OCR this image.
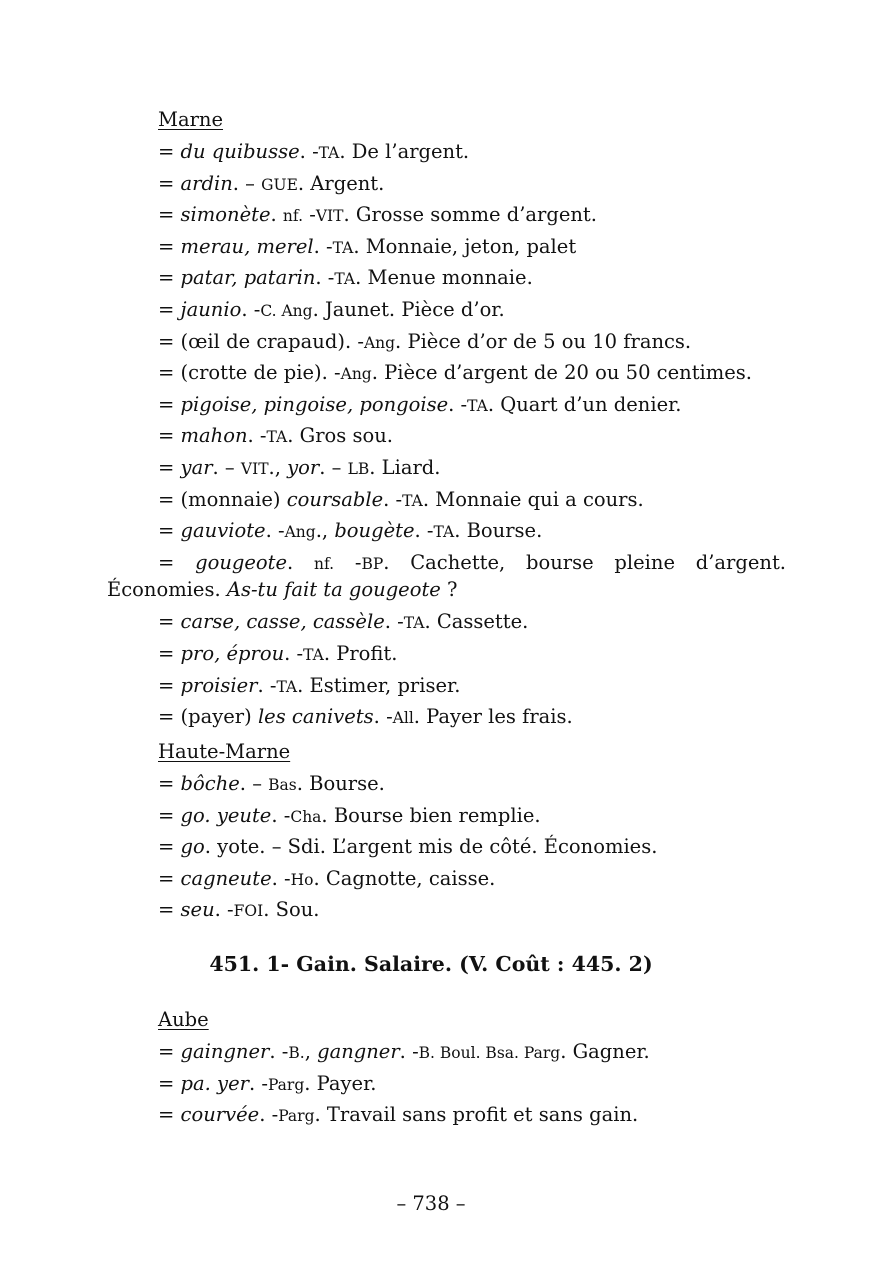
Marne
= du quibusse. -TA. De l’argent.
= ardin. – GUE. Argent.
= simonète. nf. -VIT. Grosse somme d’argent.
= merau, merel. -TA. Monnaie, jeton, palet
= patar, patarin. -TA. Menue monnaie.
= jaunio. -C. Ang. Jaunet. Pièce d’or.
= (œil de crapaud). -Ang. Pièce d’or de 5 ou 10 francs.
= (crotte de pie). -Ang. Pièce d’argent de 20 ou 50 centimes.
= pigoise, pingoise, pongoise. -TA. Quart d’un denier.
= mahon. -TA. Gros sou.
= yar. – VIT., yor. – LB. Liard.
= (monnaie) coursable. -TA. Monnaie qui a cours.
= gauviote. -Ang., bougète. -TA. Bourse.
= gougeote. nf. -BP. Cachette, bourse pleine d’argent.
Économies. As-tu fait ta gougeote ?
= carse, casse, cassèle. -TA. Cassette.
= pro, éprou. -TA. Profit.
= proisier. -TA. Estimer, priser.
= (payer) les canivets. -All. Payer les frais.
Haute-Marne
= bôche. – Bas. Bourse.
= go. yeute. -Cha. Bourse bien remplie.
= go. yote. – Sdi. L’argent mis de côté. Économies.
= cagneute. -Ho. Cagnotte, caisse.
= seu. -FOI. Sou.
451. 1- Gain. Salaire. (V. Coût : 445. 2)
Aube
= gaingner. -B., gangner. -B. Boul. Bsa. Parg. Gagner.
= pa. yer. -Parg. Payer.
= courvée. -Parg. Travail sans profit et sans gain.
– 738 –
